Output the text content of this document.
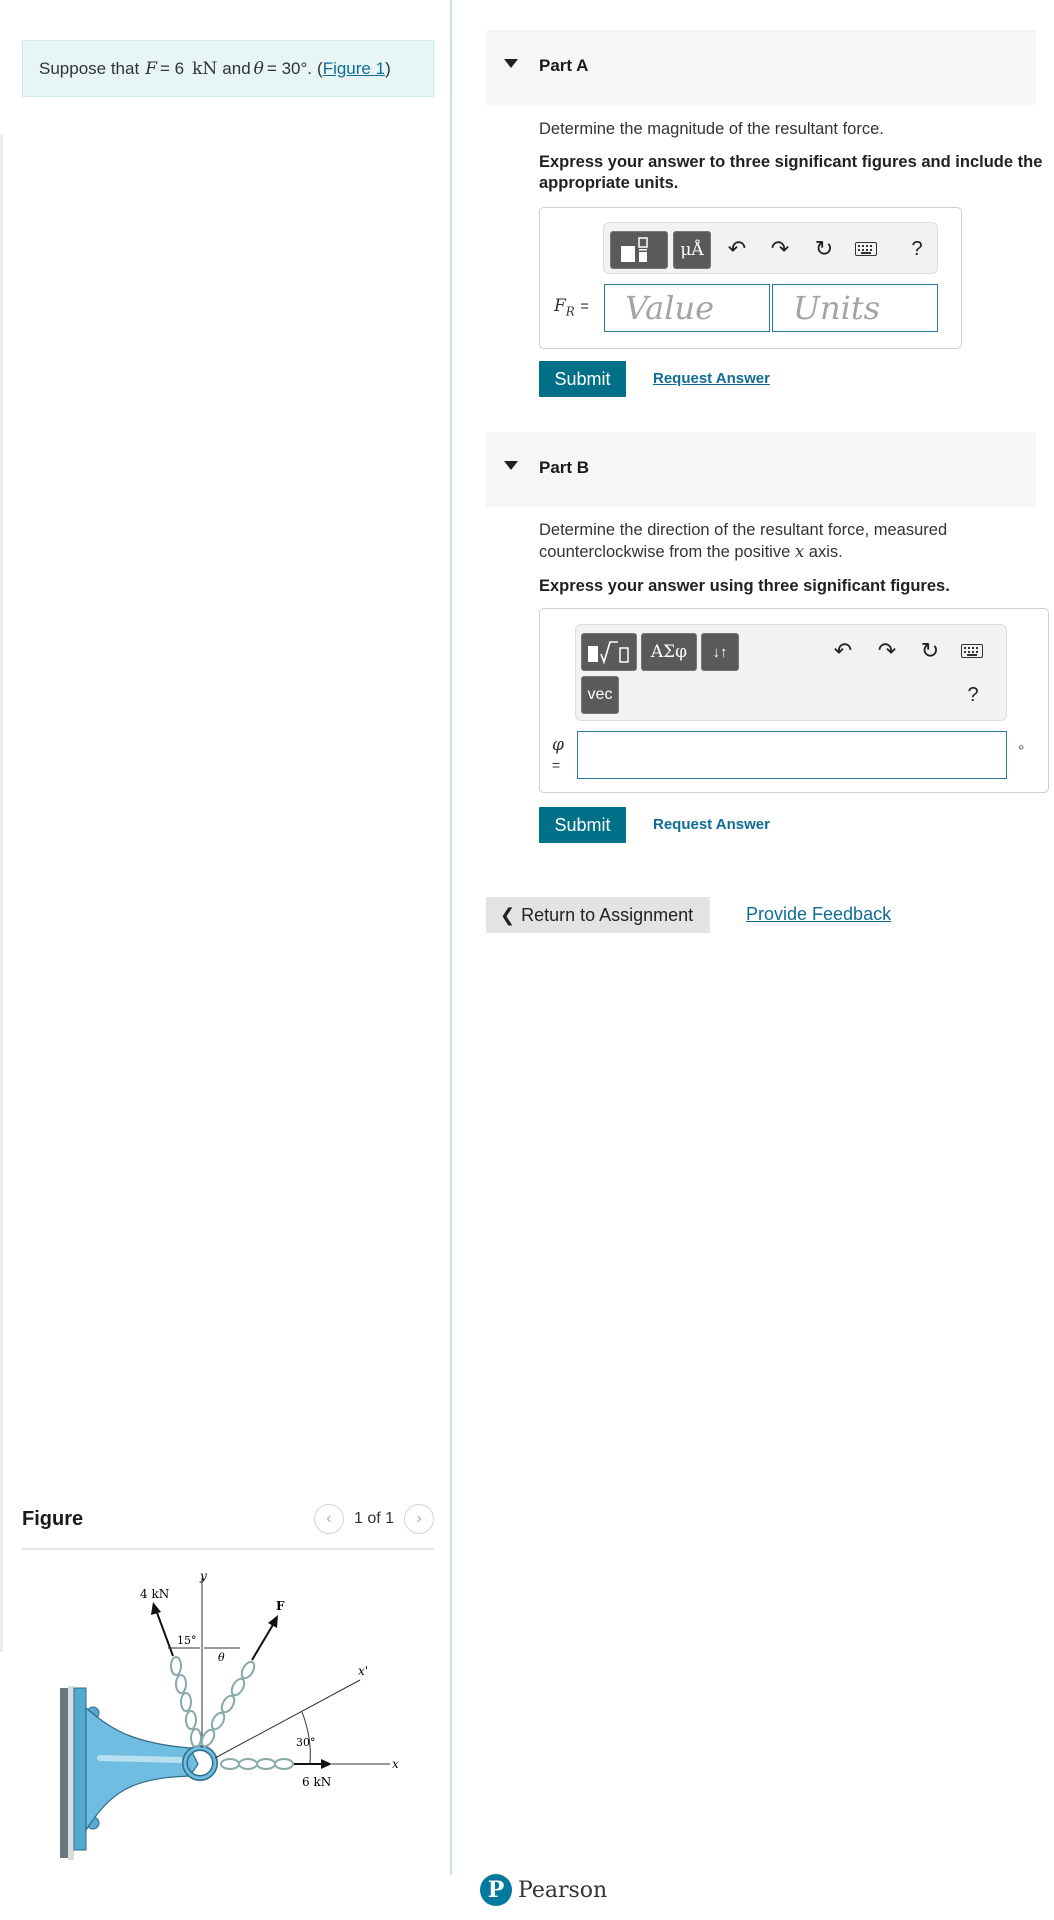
Suppose that F = 6 kN and θ = 30°. ( Figure 1 )
Figure	‹ 1 of 1 ›
y
4 kN
F
15°
θ
x'
30°
x
6 kN
Part A
Determine the magnitude of the resultant force.
Express your answer to three significant figures and include the
appropriate units.
μÅ ↶ ↷ ↻	?
$F_R$ =	Value	Units
Submit	Request Answer
Part B
Determine the direction of the resultant force, measured
counterclockwise from the positive x axis.
Express your answer using three significant figures.
ΑΣφ	↓↑
vec
↶ ↷ ↻
?
φ
=
°
Submit	Request Answer
❮ Return to Assignment	Provide Feedback
P Pearson
